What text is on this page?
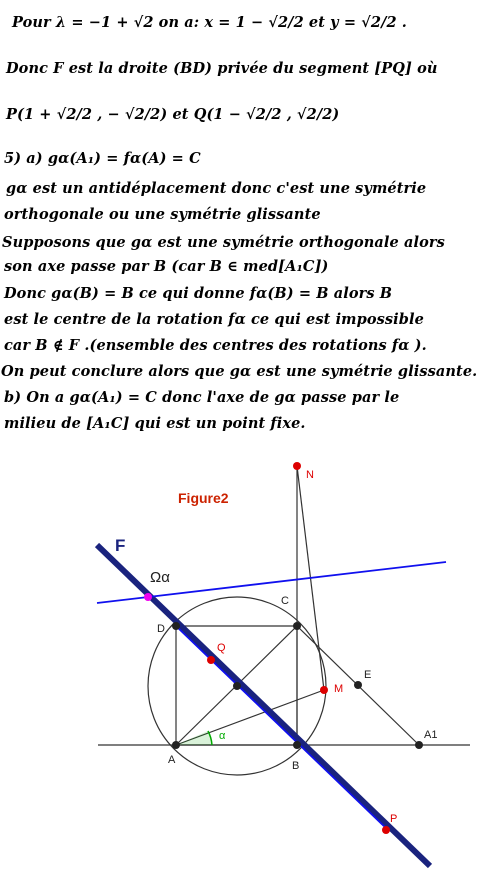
Pour λ = −1 + √2 on a: x = 1 − √2/2 et y = √2/2 .
Donc F est la droite (BD) privée du segment [PQ] où
P(1 + √2/2 , − √2/2) et Q(1 − √2/2 , √2/2)
5) a) gα(A₁) = fα(A) = C
gα est un antidéplacement donc c'est une symétrie
orthogonale ou une symétrie glissante
Supposons que gα est une symétrie orthogonale alors
son axe passe par B (car B ∈ med[A₁C])
Donc gα(B) = B ce qui donne fα(B) = B alors B
est le centre de la rotation fα ce qui est impossible
car B ∉ F .(ensemble des centres des rotations fα ).
On peut conclure alors que gα est une symétrie glissante.
b) On a gα(A₁) = C donc l'axe de gα passe par le
milieu de [A₁C] qui est un point fixe.
Figure2
F
Ωα
N
C
D
Q
M
E
A1
A	B
P
α
